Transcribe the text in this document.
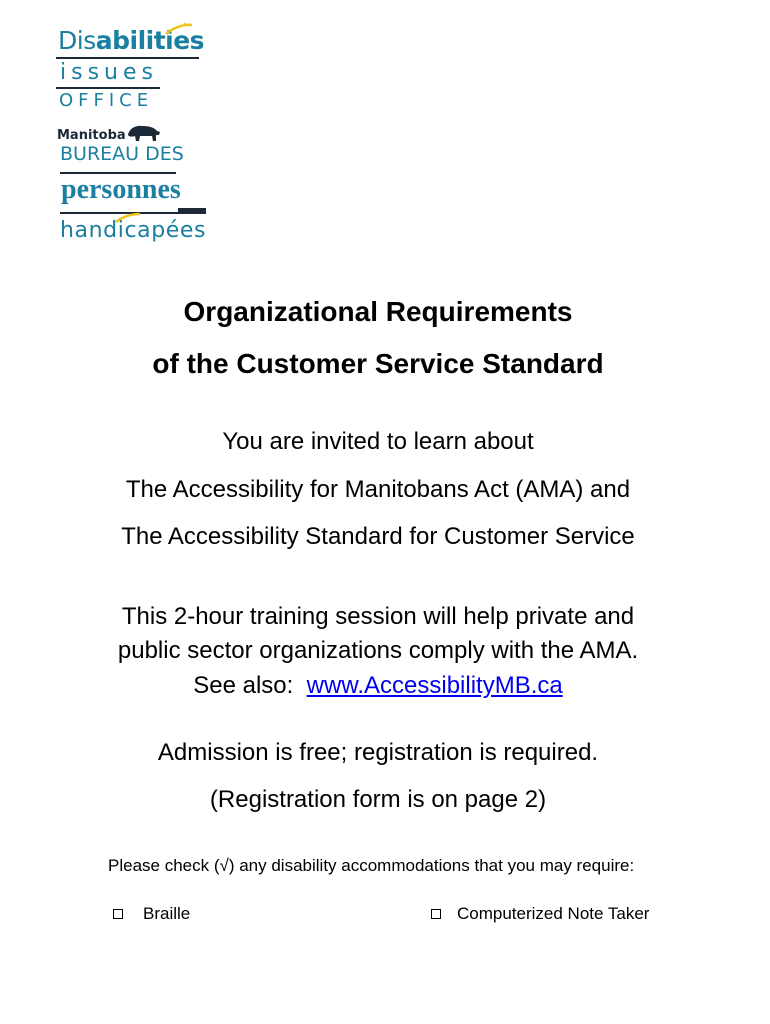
Disabilities
issues
OFFICE
Manitoba
BUREAU DES
personnes
handicapées

Organizational Requirements

of the Customer Service Standard

You are invited to learn about

The Accessibility for Manitobans Act (AMA) and

The Accessibility Standard for Customer Service

This 2-hour training session will help private and

public sector organizations comply with the AMA.

See also: www.AccessibilityMB.ca

Admission is free; registration is required.

(Registration form is on page 2)

Please check (√) any disability accommodations that you may require:

Braille	Computerized Note Taker
